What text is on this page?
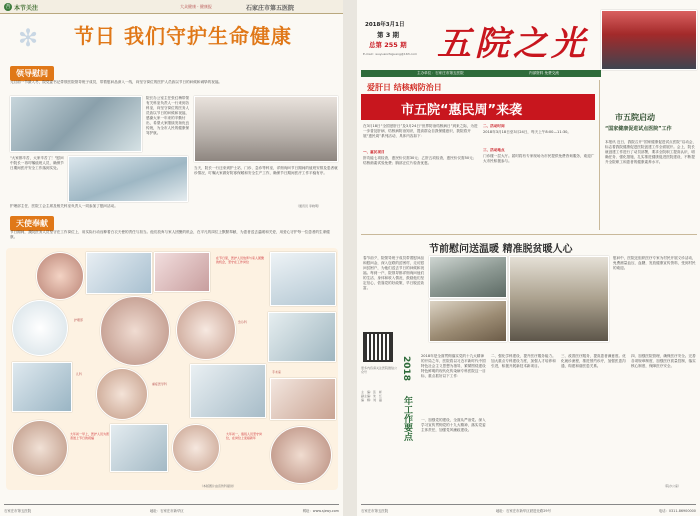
杏 本节关注	大众健康 · 健康报	石家庄市第五医院
节日 我们守护生命健康
✻
领导慰问
元旦前一节最入冬，院党委书记带领医院领导班子成员，带着慰问品深入一线，向坚守岗位的医护人员致以节日的问候和诚挚的祝福。
院长办公室主任张红梅带领有关科室负责人一行来到各科室，向坚守岗位的医务人员致以节日的问候和祝福，感谢大家一年来的辛勤付出，希望大家继续发扬优良传统，为全市人民的健康保驾护航。
"大家都辛苦，大家辛苦了！"慰问中院长一再叮嘱值班人员，确保节日期间医疗安全工作落到实处。	当天，院长一行还来到护士站、门诊、急诊等科室，详细询问节日期间的值班安排及患者就诊情况，叮嘱大家做好防寒保暖和安全生产工作，确保节日期间医疗工作平稳有序。
护理部主任、医院工会主席及相关科室负责人一同参加了慰问活动。	（通讯员 李晓明）
天使奉献
节日期间，我院医务人员坚守在工作岗位上，用实际行动诠释着白衣天使的责任与担当。他们放弃与家人团聚的机会，在平凡的岗位上默默奉献，为患者送去温暖和关爱，用爱心守护每一位患者的生命健康。
在节日里，医护人员放弃与家人团聚的机会，坚守在工作岗位
护理部	急诊科
儿科
重症医学科
手术室
大年初一早上，医护人员为患者送上节日的祝福
大年初一，值班人员坚守岗位，在岗位上迎接新年
（本版图片由宣传科提供）
石家庄市第五医院	地址：石家庄市新华区	网址：www.sjzwy.com
2018年3月1日
第 3 期
总第 255 期
E-mail：wuyuanzhiguang@163.com 五院之光
主办单位：石家庄市第五医院	内部资料 免费交流
爱肝日 结核病防治日
市五院“惠民周”来袭
在3月18日“全国爱肝日”及3月24日“世界防治结核病日”到来之际，为进一步普及肝病、结核病防治知识，提高群众自我保健意识，我院将开展“惠民周”系列活动，具体内容如下：
一、惠民项目
肝功能七项检查，惠民价仅需30元；乙肝五项检查，惠民价仅需50元；结核菌素试验免费；胸部正位片检查优惠。
二、活动时间
2018年3月18日至3月24日，每天上午8:00—11:30。
三、活动地点
门诊楼一层大厅。届时将有专家现场为市民提供免费咨询服务，欢迎广大市民积极参与。
市五院启动
“国家健康促进试点医院”工作
本报讯 近日，我院召开“国家健康促进试点医院”启动会，标志着我院健康促进医院创建工作全面展开。会上，院长就创建工作进行了动员部署，要求全院职工提高认识、明确任务、强化措施，扎实推进健康促进医院建设，不断提升全院职工和患者的健康素养水平。
节前慰问送温暖 精准脱贫暖人心
春节前夕，院领导班子成员带着慰问品和慰问金，深入包联的贫困村，走访慰问贫困户，为他们送去节日的问候和祝福。每到一户，院领导都详细询问他们的生活、身体和收入情况，鼓励他们坚定信心，依靠党的好政策，早日脱贫致富。
慰问中，医院还组织医疗专家为村民开展义诊活动，免费测量血压、血糖，发放健康宣传资料，受到村民的欢迎。
更多内容请关注医院微信公众号
主　编：张　彬
副主编：朱　红
编　辑：刘　磊
2018
年工作要点
2018年是全面贯彻落实党的十九大精神的开局之年，医院将以习近平新时代中国特色社会主义思想为指导，紧紧围绕建设特色鲜明的现代化传染病专科医院这一目标，重点抓好以下工作：
一、加强党的建设，全面从严治党。深入学习宣传贯彻党的十九大精神，落实党委主体责任，加强党风廉政建设。
二、强化学科建设，提升医疗服务能力。加大重点专科建设力度，加强人才培养和引进，积极开展新技术新项目。
三、改善医疗服务，提高患者满意度。优化就诊流程，推进预约诊疗，加强医患沟通，构建和谐医患关系。
四、加强医院管理，确保医疗安全。完善各项规章制度，加强医疗质量控制，落实核心制度，保障医疗安全。
（院办公室）
石家庄市第五医院	地址：石家庄市新华区跃进北路29号	电话：0311-86900000
